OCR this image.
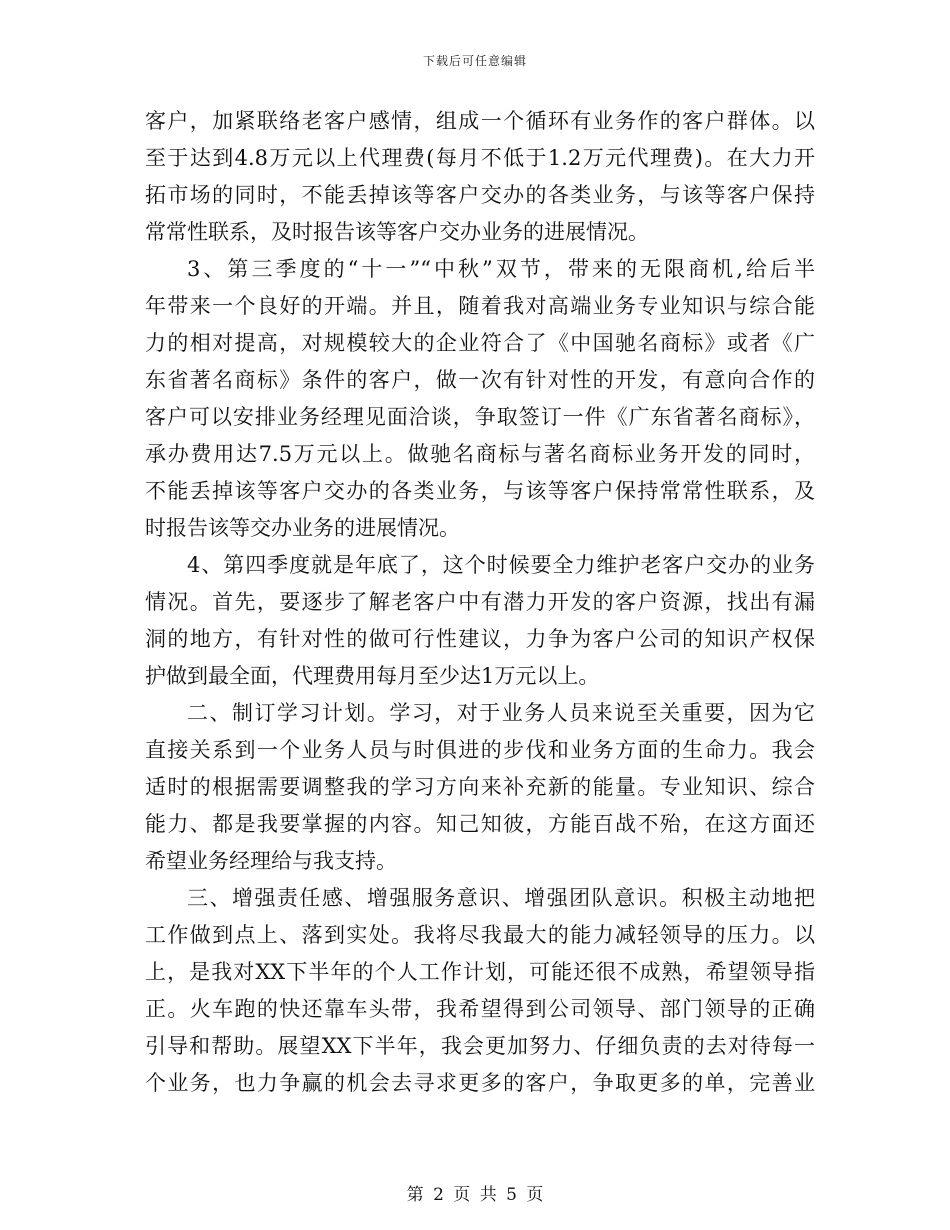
下载后可任意编辑
客户，加紧联络老客户感情，组成一个循环有业务作的客户群体。以
至于达到4.8万元以上代理费(每月不低于1.2万元代理费)。在大力开
拓市场的同时，不能丢掉该等客户交办的各类业务，与该等客户保持
常常性联系，及时报告该等客户交办业务的进展情况。
3、第三季度的“十一”“中秋”双节，带来的无限商机,给后半
年带来一个良好的开端。并且，随着我对高端业务专业知识与综合能
力的相对提高，对规模较大的企业符合了《中国驰名商标》或者《广
东省著名商标》条件的客户，做一次有针对性的开发，有意向合作的
客户可以安排业务经理见面洽谈，争取签订一件《广东省著名商标》，
承办费用达7.5万元以上。做驰名商标与著名商标业务开发的同时，
不能丢掉该等客户交办的各类业务，与该等客户保持常常性联系，及
时报告该等交办业务的进展情况。
4、第四季度就是年底了，这个时候要全力维护老客户交办的业务
情况。首先，要逐步了解老客户中有潜力开发的客户资源，找出有漏
洞的地方，有针对性的做可行性建议，力争为客户公司的知识产权保
护做到最全面，代理费用每月至少达1万元以上。
二、制订学习计划。学习，对于业务人员来说至关重要，因为它
直接关系到一个业务人员与时俱进的步伐和业务方面的生命力。我会
适时的根据需要调整我的学习方向来补充新的能量。专业知识、综合
能力、都是我要掌握的内容。知己知彼，方能百战不殆，在这方面还
希望业务经理给与我支持。
三、增强责任感、增强服务意识、增强团队意识。积极主动地把
工作做到点上、落到实处。我将尽我最大的能力减轻领导的压力。以
上，是我对XX下半年的个人工作计划，可能还很不成熟，希望领导指
正。火车跑的快还靠车头带，我希望得到公司领导、部门领导的正确
引导和帮助。展望XX下半年，我会更加努力、仔细负责的去对待每一
个业务，也力争赢的机会去寻求更多的客户，争取更多的单，完善业
第 2 页 共 5 页
